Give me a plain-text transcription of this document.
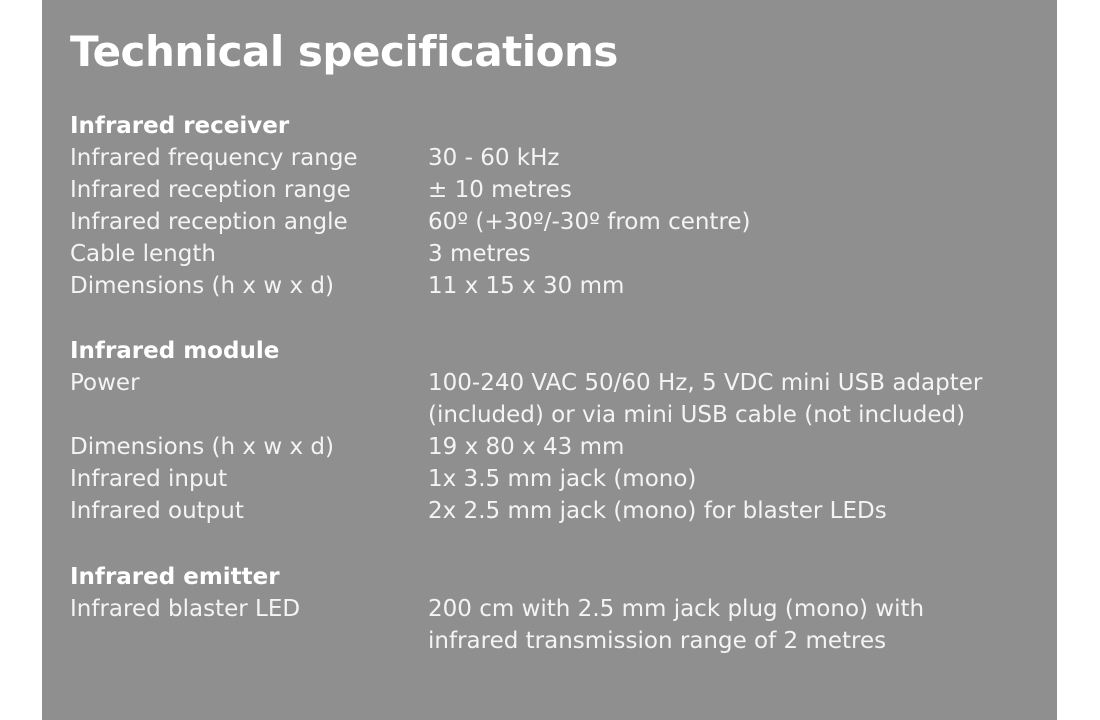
Technical specifications
Infrared receiver
Infrared frequency range	30 - 60 kHz
Infrared reception range	± 10 metres
Infrared reception angle	60º (+30º/-30º from centre)
Cable length	3 metres
Dimensions (h x w x d)	11 x 15 x 30 mm
Infrared module
Power	100-240 VAC 50/60 Hz, 5 VDC mini USB adapter
(included) or via mini USB cable (not included)
Dimensions (h x w x d)	19 x 80 x 43 mm
Infrared input	1x 3.5 mm jack (mono)
Infrared output	2x 2.5 mm jack (mono) for blaster LEDs
Infrared emitter
Infrared blaster LED	200 cm with 2.5 mm jack plug (mono) with
infrared transmission range of 2 metres
